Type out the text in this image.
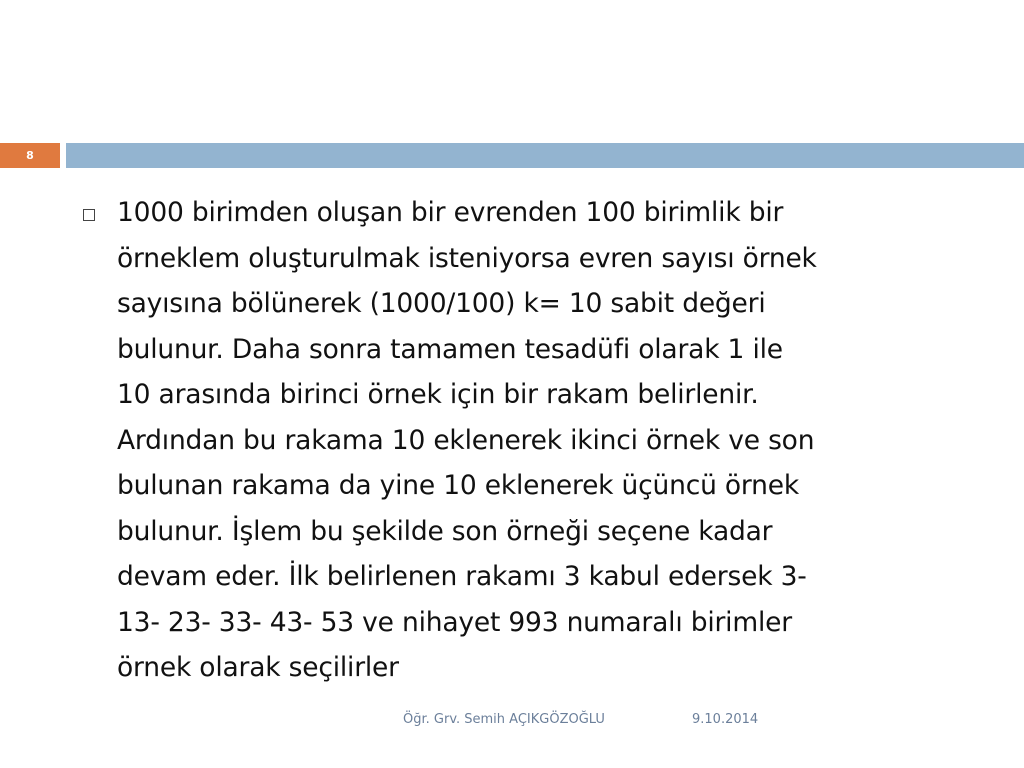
8

1000 birimden oluşan bir evrenden 100 birimlik bir
örneklem oluşturulmak isteniyorsa evren sayısı örnek
sayısına bölünerek (1000/100) k= 10 sabit değeri
bulunur. Daha sonra tamamen tesadüfi olarak 1 ile
10 arasında birinci örnek için bir rakam belirlenir.
Ardından bu rakama 10 eklenerek ikinci örnek ve son
bulunan rakama da yine 10 eklenerek üçüncü örnek
bulunur. İşlem bu şekilde son örneği seçene kadar
devam eder. İlk belirlenen rakamı 3 kabul edersek 3-
13- 23- 33- 43- 53 ve nihayet 993 numaralı birimler
örnek olarak seçilirler

Öğr. Grv. Semih AÇIKGÖZOĞLU	9.10.2014
